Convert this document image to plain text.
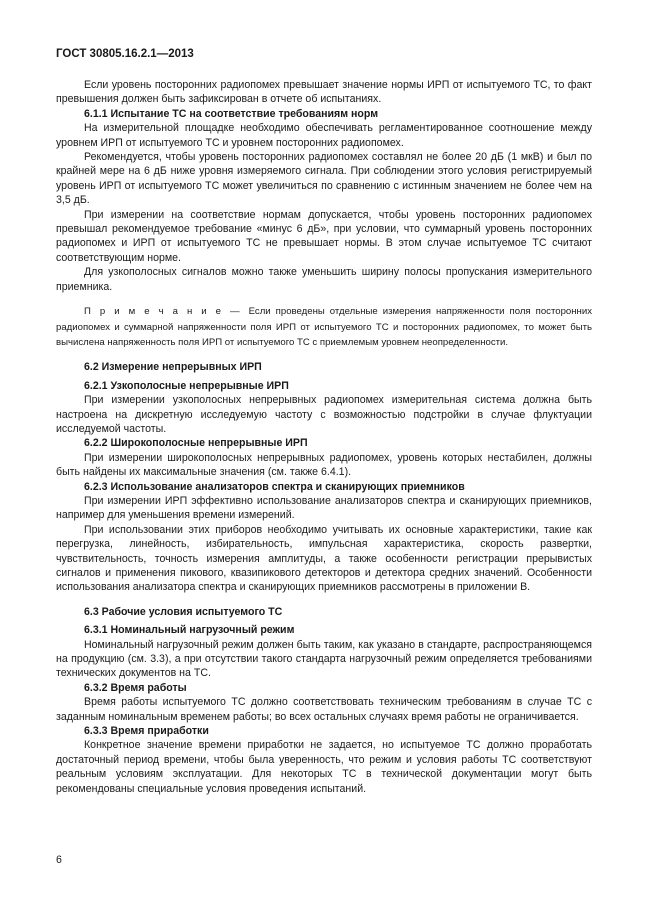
ГОСТ 30805.16.2.1—2013

Если уровень посторонних радиопомех превышает значение нормы ИРП от испытуемого ТС, то факт превышения должен быть зафиксирован в отчете об испытаниях.

6.1.1 Испытание ТС на соответствие требованиям норм

На измерительной площадке необходимо обеспечивать регламентированное соотношение между уровнем ИРП от испытуемого ТС и уровнем посторонних радиопомех.

Рекомендуется, чтобы уровень посторонних радиопомех составлял не более 20 дБ (1 мкВ) и был по крайней мере на 6 дБ ниже уровня измеряемого сигнала. При соблюдении этого условия регистрируемый уровень ИРП от испытуемого ТС может увеличиться по сравнению с истинным значением не более чем на 3,5 дБ.

При измерении на соответствие нормам допускается, чтобы уровень посторонних радиопомех превышал рекомендуемое требование «минус 6 дБ», при условии, что суммарный уровень посторонних радиопомех и ИРП от испытуемого ТС не превышает нормы. В этом случае испытуемое ТС считают соответствующим норме.

Для узкополосных сигналов можно также уменьшить ширину полосы пропускания измерительного приемника.

П р и м е ч а н и е — Если проведены отдельные измерения напряженности поля посторонних радиопомех и суммарной напряженности поля ИРП от испытуемого ТС и посторонних радиопомех, то может быть вычислена напряженность поля ИРП от испытуемого ТС с приемлемым уровнем неопределенности.

6.2 Измерение непрерывных ИРП

6.2.1 Узкополосные непрерывные ИРП

При измерении узкополосных непрерывных радиопомех измерительная система должна быть настроена на дискретную исследуемую частоту с возможностью подстройки в случае флуктуации исследуемой частоты.

6.2.2 Широкополосные непрерывные ИРП

При измерении широкополосных непрерывных радиопомех, уровень которых нестабилен, должны быть найдены их максимальные значения (см. также 6.4.1).

6.2.3 Использование анализаторов спектра и сканирующих приемников

При измерении ИРП эффективно использование анализаторов спектра и сканирующих приемников, например для уменьшения времени измерений.

При использовании этих приборов необходимо учитывать их основные характеристики, такие как перегрузка, линейность, избирательность, импульсная характеристика, скорость развертки, чувствительность, точность измерения амплитуды, а также особенности регистрации прерывистых сигналов и применения пикового, квазипикового детекторов и детектора средних значений. Особенности использования анализатора спектра и сканирующих приемников рассмотрены в приложении В.

6.3 Рабочие условия испытуемого ТС

6.3.1 Номинальный нагрузочный режим

Номинальный нагрузочный режим должен быть таким, как указано в стандарте, распространяющемся на продукцию (см. 3.3), а при отсутствии такого стандарта нагрузочный режим определяется требованиями технических документов на ТС.

6.3.2 Время работы

Время работы испытуемого ТС должно соответствовать техническим требованиям в случае ТС с заданным номинальным временем работы; во всех остальных случаях время работы не ограничивается.

6.3.3 Время приработки

Конкретное значение времени приработки не задается, но испытуемое ТС должно проработать достаточный период времени, чтобы была уверенность, что режим и условия работы ТС соответствуют реальным условиям эксплуатации. Для некоторых ТС в технической документации могут быть рекомендованы специальные условия проведения испытаний.

6
